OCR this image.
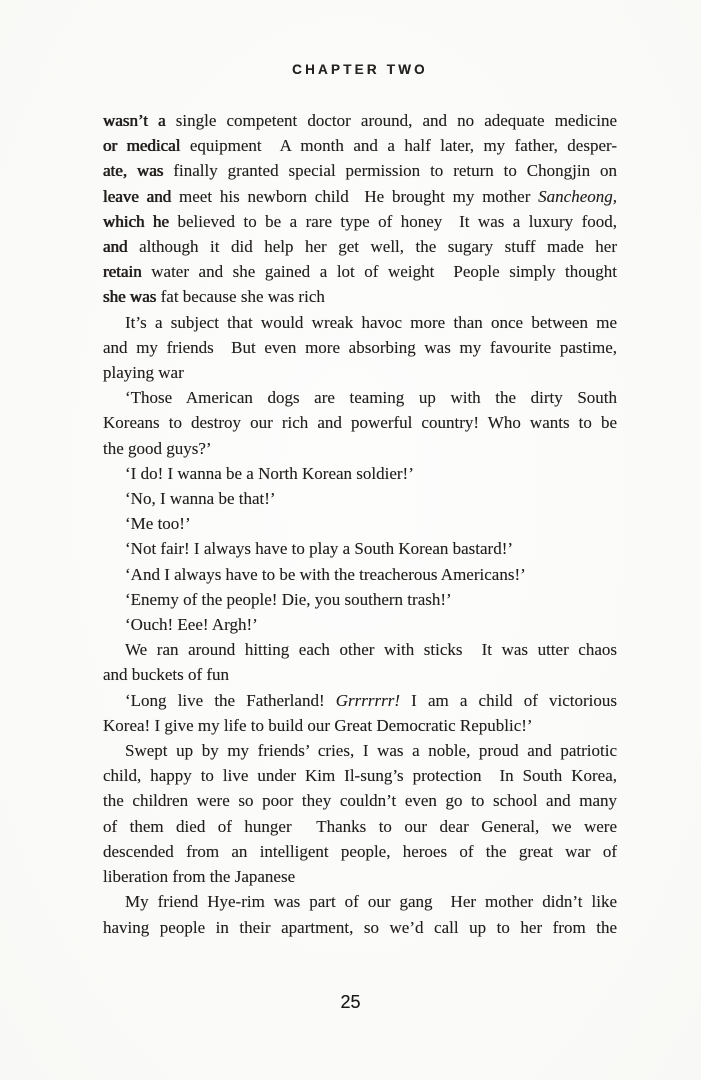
CHAPTER TWO
wasn’t a single competent doctor around, and no adequate medicine
or medical equipment  A month and a half later, my father, desper-
ate, was finally granted special permission to return to Chongjin on
leave and meet his newborn child  He brought my mother Sancheong,
which he believed to be a rare type of honey  It was a luxury food,
and although it did help her get well, the sugary stuff made her
retain water and she gained a lot of weight  People simply thought
she was fat because she was rich
It’s a subject that would wreak havoc more than once between me
and my friends  But even more absorbing was my favourite pastime,
playing war
‘Those American dogs are teaming up with the dirty South
Koreans to destroy our rich and powerful country! Who wants to be
the good guys?’
‘I do! I wanna be a North Korean soldier!’
‘No, I wanna be that!’
‘Me too!’
‘Not fair! I always have to play a South Korean bastard!’
‘And I always have to be with the treacherous Americans!’
‘Enemy of the people! Die, you southern trash!’
‘Ouch! Eee! Argh!’
We ran around hitting each other with sticks  It was utter chaos
and buckets of fun
‘Long live the Fatherland! Grrrrrrr! I am a child of victorious
Korea! I give my life to build our Great Democratic Republic!’
Swept up by my friends’ cries, I was a noble, proud and patriotic
child, happy to live under Kim Il-sung’s protection  In South Korea,
the children were so poor they couldn’t even go to school and many
of them died of hunger  Thanks to our dear General, we were
descended from an intelligent people, heroes of the great war of
liberation from the Japanese
My friend Hye-rim was part of our gang  Her mother didn’t like
having people in their apartment, so we’d call up to her from the
25
